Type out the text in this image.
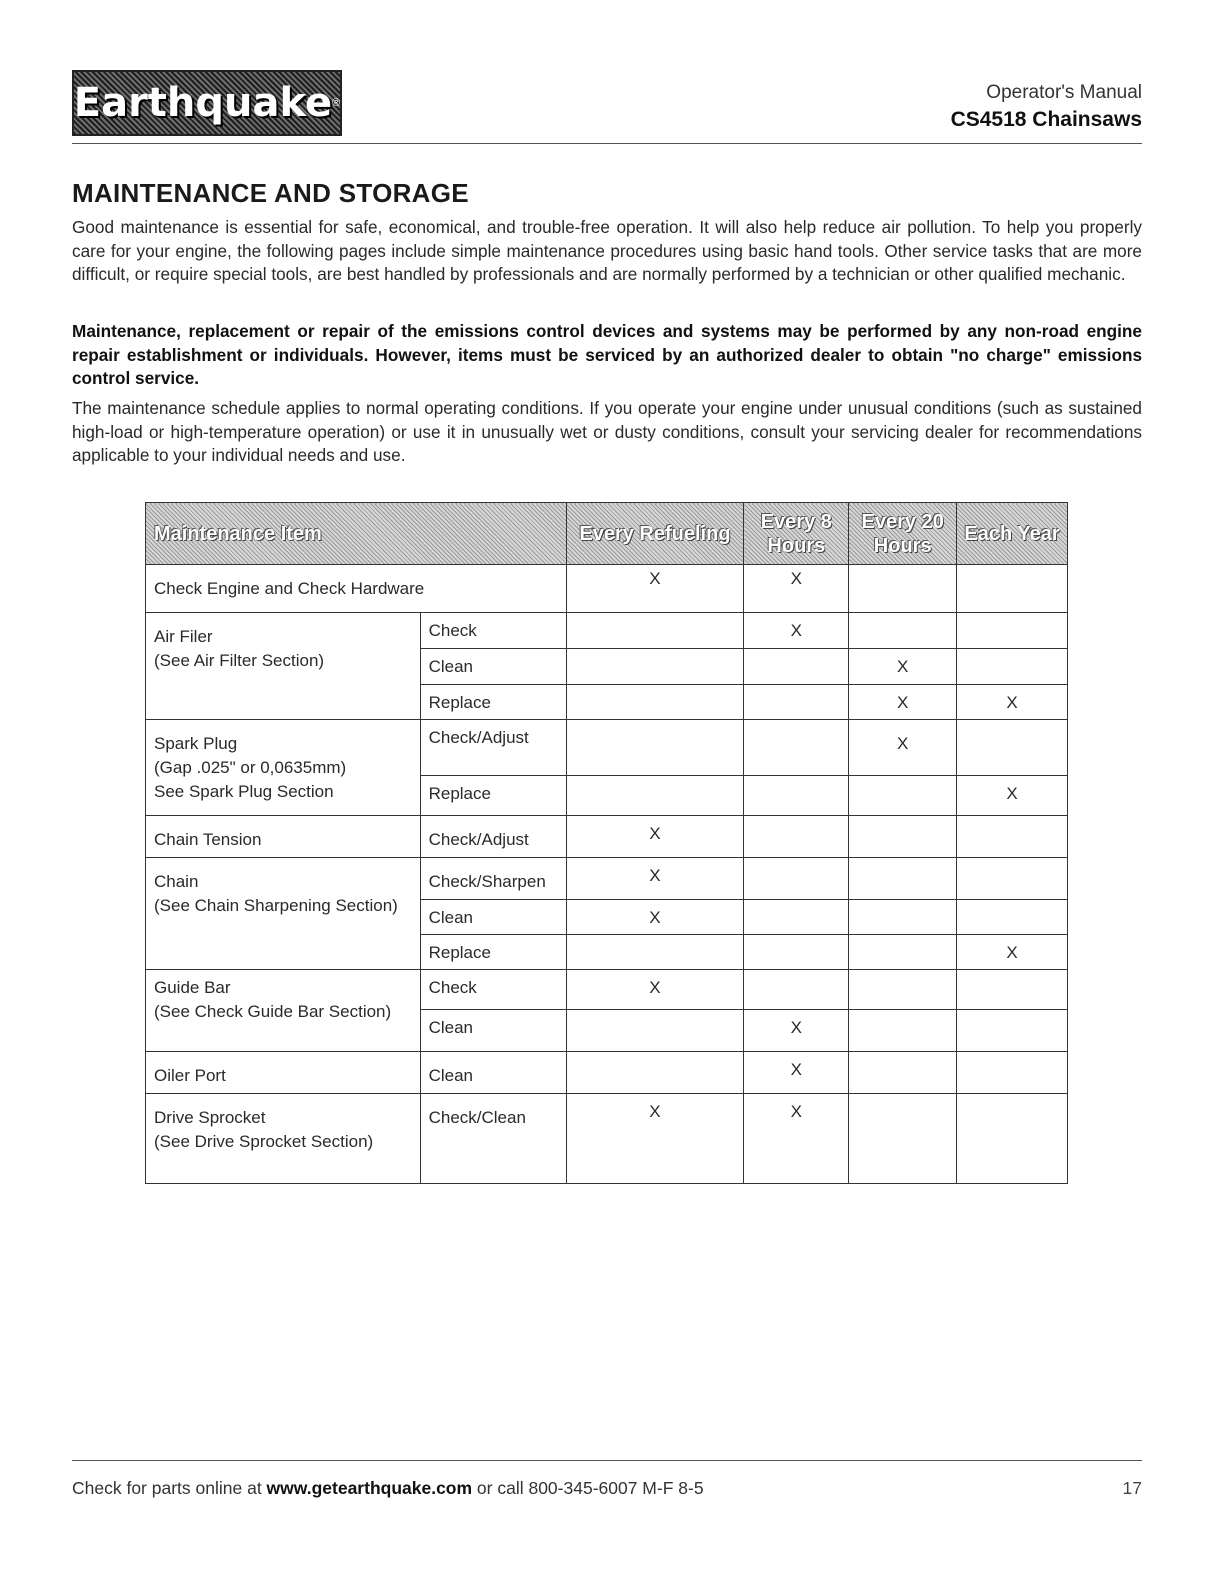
Earthquake ®	Operator's Manual
CS4518 Chainsaws
MAINTENANCE AND STORAGE

Good maintenance is essential for safe, economical, and trouble-free operation. It will also help reduce air pollution. To help you properly care for your engine, the following pages include simple maintenance procedures using basic hand tools. Other service tasks that are more difficult, or require special tools, are best handled by professionals and are normally performed by a technician or other qualified mechanic.

Maintenance, replacement or repair of the emissions control devices and systems may be performed by any non-road engine repair establishment or individuals. However, items must be serviced by an authorized dealer to obtain "no charge" emissions control service.

The maintenance schedule applies to normal operating conditions. If you operate your engine under unusual conditions (such as sustained high-load or high-temperature operation) or use it in unusually wet or dusty conditions, consult your servicing dealer for recommendations applicable to your individual needs and use.

Maintenance Item		Every Refueling	Every 8 Hours	Every 20 Hours	Each Year
Check Engine and Check Hardware		X	X		

Air Filer
(See Air Filter Section)	Check		X		
	Clean			X	
	Replace			X	X

Spark Plug
(Gap .025" or 0,0635mm)
See Spark Plug Section	Check/Adjust			X	
	Replace				X
Chain Tension	Check/Adjust	X			

Chain
(See Chain Sharpening Section)	Check/Sharpen	X			
	Clean	X			
	Replace				X

Guide Bar
(See Check Guide Bar Section)	Check	X			
	Clean		X		
Oiler Port	Clean		X		

Drive Sprocket
(See Drive Sprocket Section)	Check/Clean	X	X		
Check for parts online at www.getearthquake.com or call 800-345-6007 M-F 8-5	17
